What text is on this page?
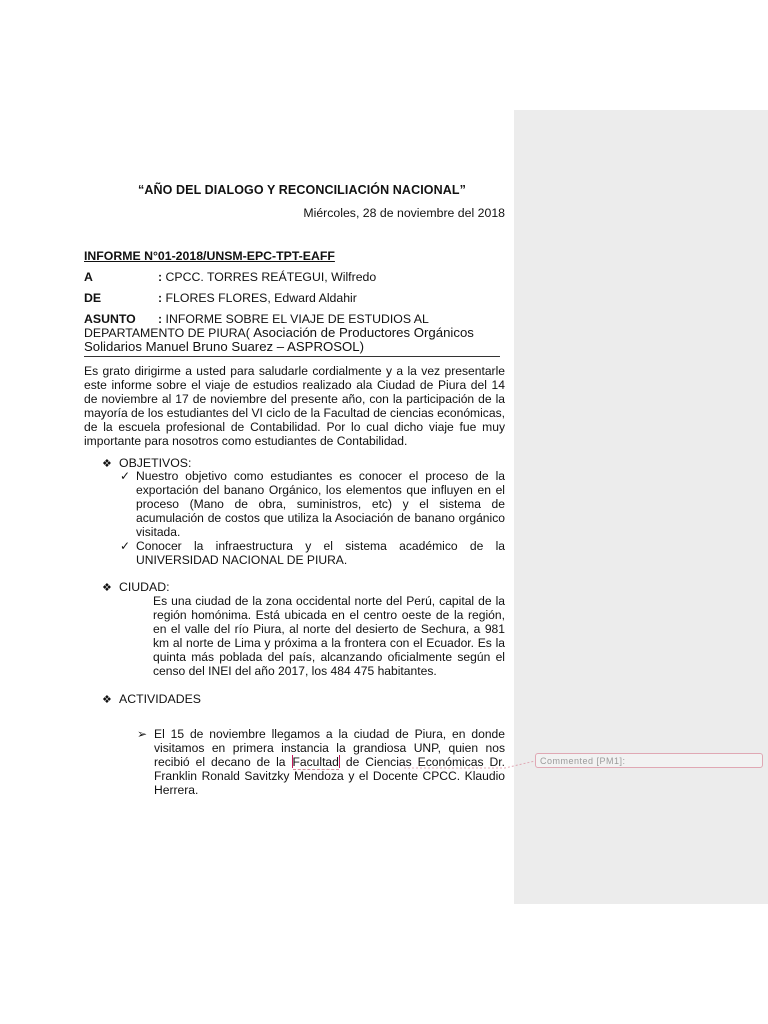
“AÑO DEL DIALOGO Y RECONCILIACIÓN NACIONAL”
Miércoles, 28 de noviembre del 2018
INFORME N°01-2018/UNSM-EPC-TPT-EAFF
A	: CPCC. TORRES REÁTEGUI, Wilfredo
DE	: FLORES FLORES, Edward Aldahir
ASUNTO : INFORME SOBRE EL VIAJE DE ESTUDIOS AL
DEPARTAMENTO DE PIURA( Asociación de Productores Orgánicos
Solidarios Manuel Bruno Suarez – ASPROSOL)
Es grato dirigirme a usted para saludarle cordialmente y a la vez presentarle este informe sobre el viaje de estudios realizado ala Ciudad de Piura del 14 de noviembre al 17 de noviembre del presente año, con la participación de la mayoría de los estudiantes del VI ciclo de la Facultad de ciencias económicas, de la escuela profesional de Contabilidad. Por lo cual dicho viaje fue muy importante para nosotros como estudiantes de Contabilidad.
❖ OBJETIVOS:
✓ Nuestro objetivo como estudiantes es conocer el proceso de la exportación del banano Orgánico, los elementos que influyen en el proceso (Mano de obra, suministros, etc) y el sistema de acumulación de costos que utiliza la Asociación de banano orgánico visitada.
✓ Conocer la infraestructura y el sistema académico de la UNIVERSIDAD NACIONAL DE PIURA.
❖ CIUDAD:
Es una ciudad de la zona occidental norte del Perú, capital de la región homónima. Está ubicada en el centro oeste de la región, en el valle del río Piura, al norte del desierto de Sechura, a 981 km al norte de Lima y próxima a la frontera con el Ecuador. Es la quinta más poblada del país, alcanzando oficialmente según el censo del INEI del año 2017, los 484 475 habitantes.
❖ ACTIVIDADES
➢ El 15 de noviembre llegamos a la ciudad de Piura, en donde visitamos en primera instancia la grandiosa UNP, quien nos recibió el decano de la Facultad de Ciencias Económicas Dr. Franklin Ronald Savitzky Mendoza y el Docente CPCC. Klaudio Herrera.
Commented [PM1]:
